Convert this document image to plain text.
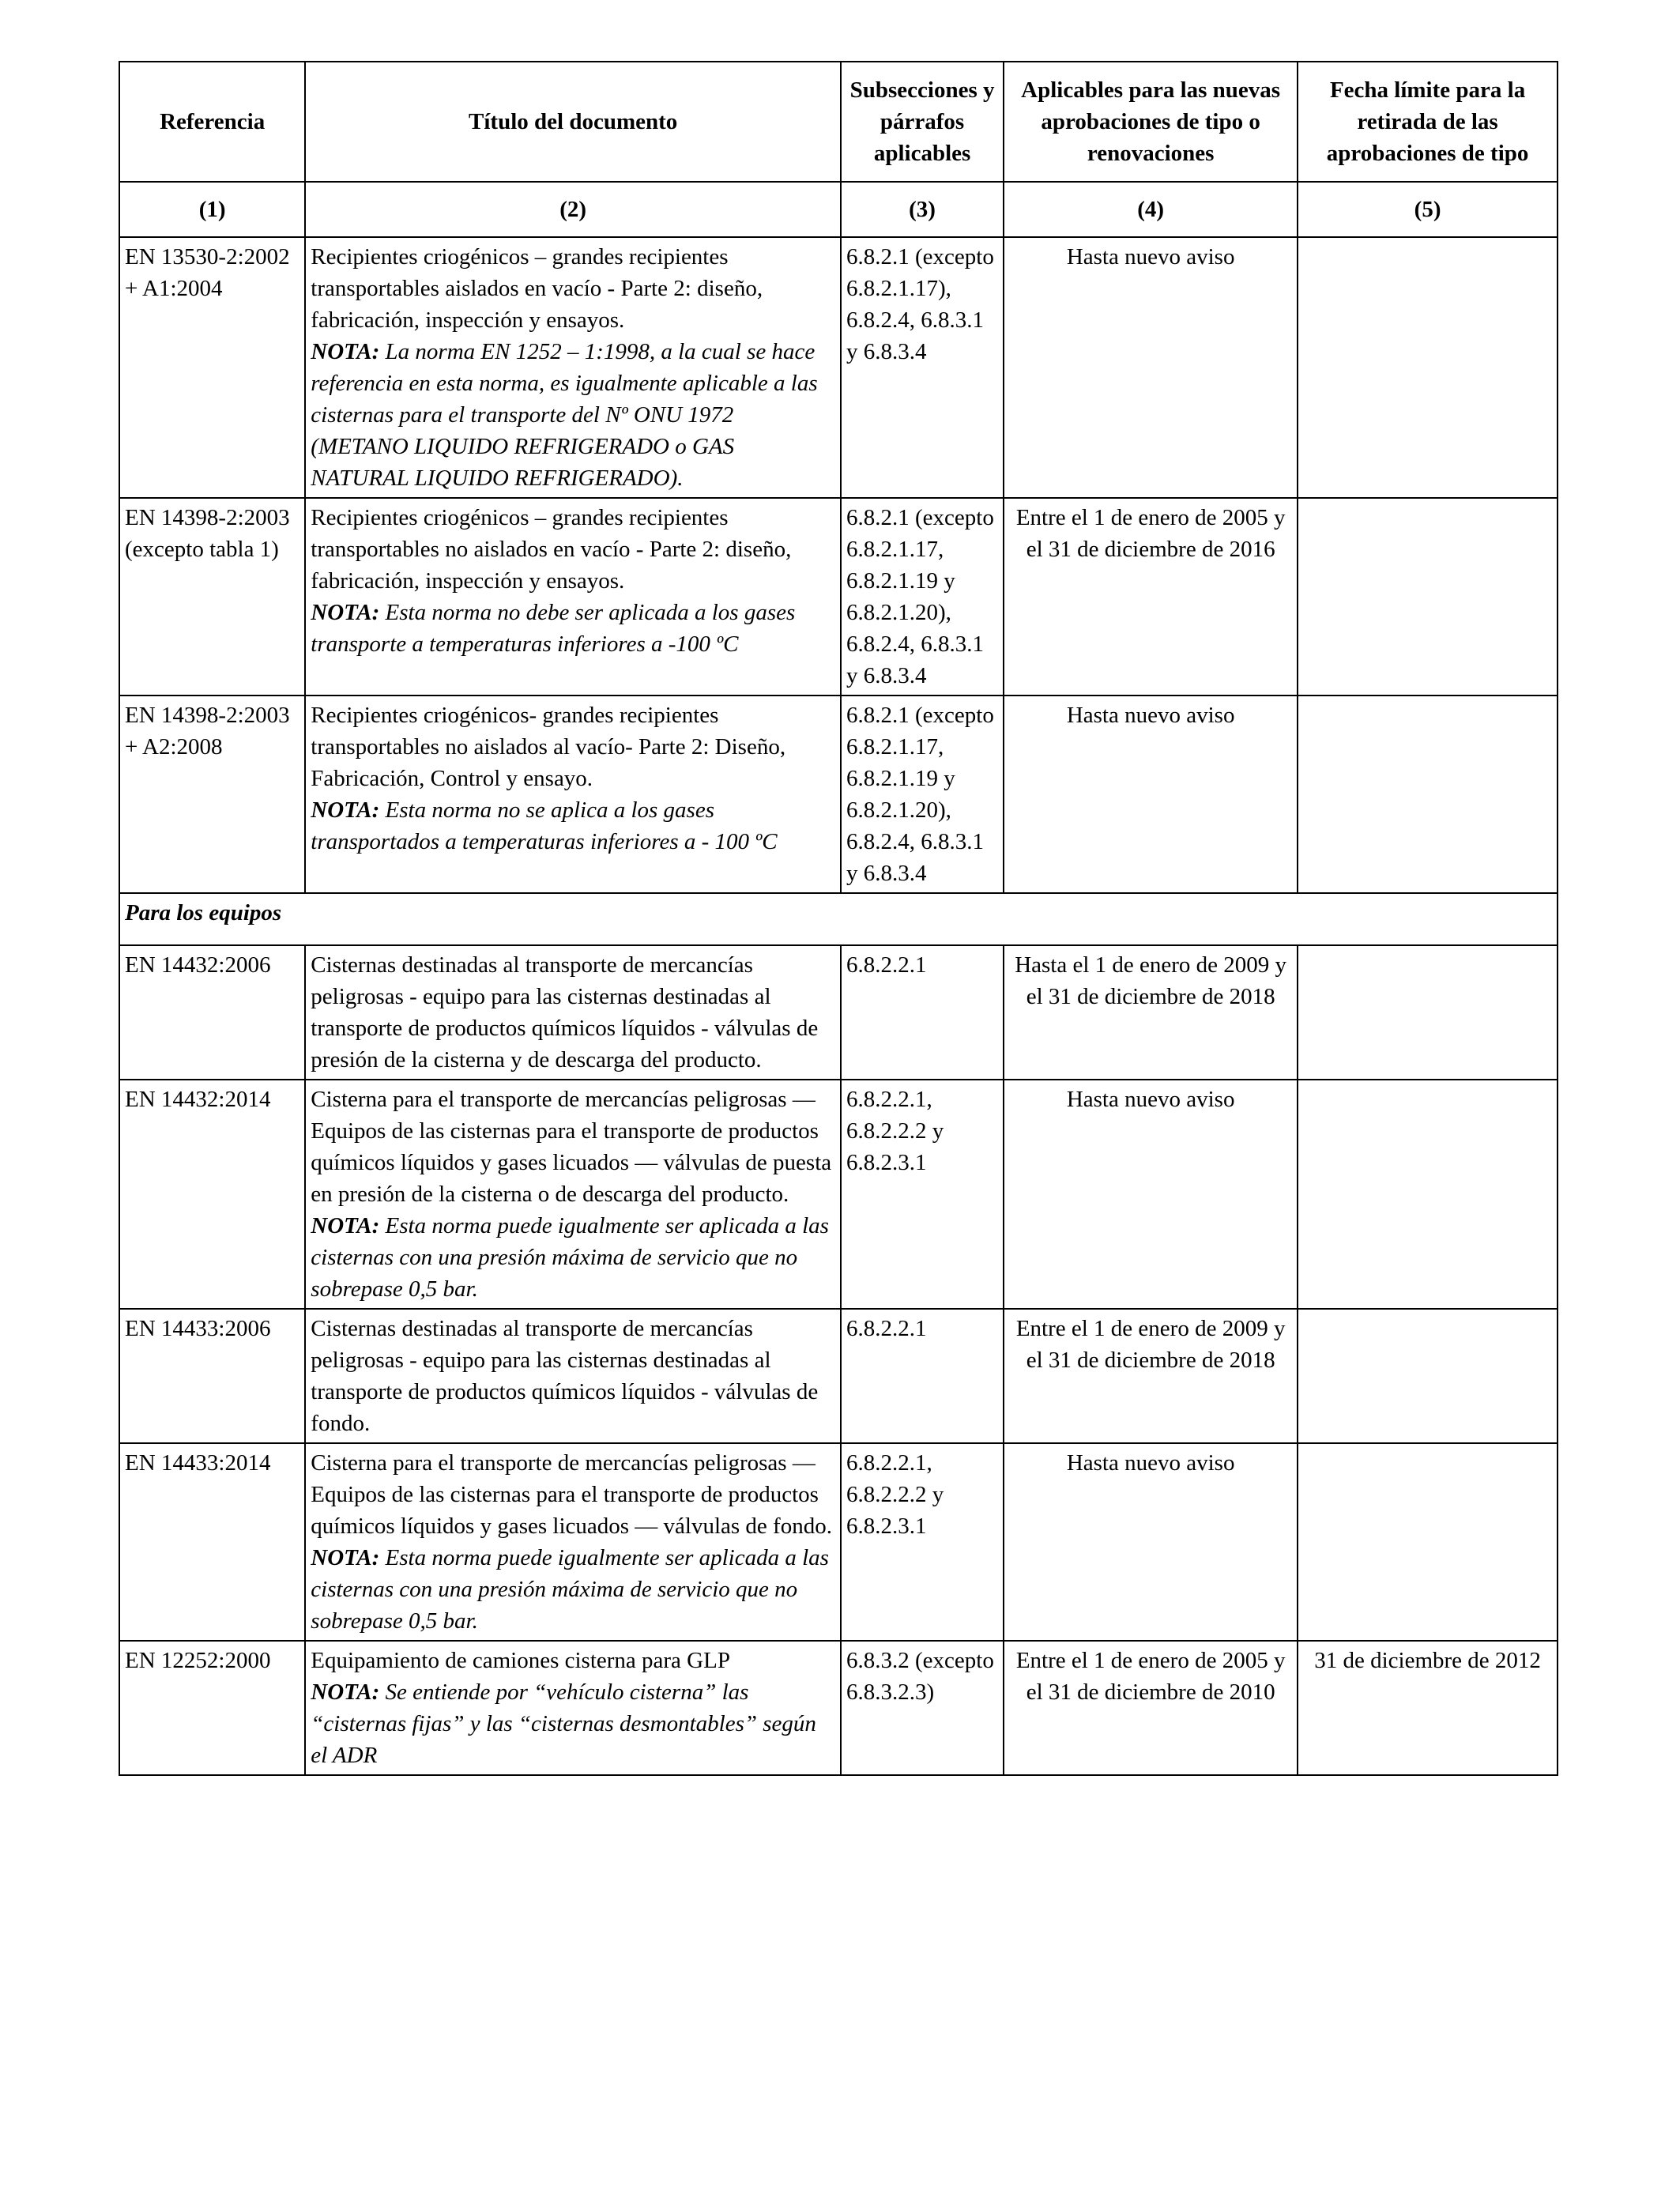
Referencia	Título del documento	Subsecciones y párrafos aplicables	Aplicables para las nuevas aprobaciones de tipo o renovaciones	Fecha límite para la retirada de las aprobaciones de tipo
(1)	(2)	(3)	(4)	(5)
EN 13530-2:2002 + A1:2004	Recipientes criogénicos – grandes recipientes transportables aislados en vacío - Parte 2: diseño, fabricación, inspección y ensayos.
NOTA: La norma EN 1252 – 1:1998, a la cual se hace referencia en esta norma, es igualmente aplicable a las cisternas para el transporte del Nº ONU 1972 (METANO LIQUIDO REFRIGERADO o GAS NATURAL LIQUIDO REFRIGERADO).	6.8.2.1 (excepto 6.8.2.1.17), 6.8.2.4, 6.8.3.1 y 6.8.3.4	Hasta nuevo aviso	
EN 14398-2:2003 (excepto tabla 1)	Recipientes criogénicos – grandes recipientes transportables no aislados en vacío - Parte 2: diseño, fabricación, inspección y ensayos.
NOTA: Esta norma no debe ser aplicada a los gases transporte a temperaturas inferiores a -100 ºC	6.8.2.1 (excepto 6.8.2.1.17, 6.8.2.1.19 y 6.8.2.1.20), 6.8.2.4, 6.8.3.1 y 6.8.3.4	Entre el 1 de enero de 2005 y el 31 de diciembre de 2016	
EN 14398-2:2003 + A2:2008	Recipientes criogénicos- grandes recipientes transportables no aislados al vacío- Parte 2: Diseño, Fabricación, Control y ensayo.
NOTA: Esta norma no se aplica a los gases transportados a temperaturas inferiores a - 100 ºC	6.8.2.1 (excepto 6.8.2.1.17, 6.8.2.1.19 y 6.8.2.1.20), 6.8.2.4, 6.8.3.1 y 6.8.3.4	Hasta nuevo aviso	
Para los equipos				
EN 14432:2006	Cisternas destinadas al transporte de mercancías peligrosas - equipo para las cisternas destinadas al transporte de productos químicos líquidos - válvulas de presión de la cisterna y de descarga del producto.	6.8.2.2.1	Hasta el 1 de enero de 2009 y el 31 de diciembre de 2018	
EN 14432:2014	Cisterna para el transporte de mercancías peligrosas — Equipos de las cisternas para el transporte de productos químicos líquidos y gases licuados — válvulas de puesta en presión de la cisterna o de descarga del producto.
NOTA: Esta norma puede igualmente ser aplicada a las cisternas con una presión máxima de servicio que no sobrepase 0,5 bar.	6.8.2.2.1, 6.8.2.2.2 y 6.8.2.3.1	Hasta nuevo aviso	
EN 14433:2006	Cisternas destinadas al transporte de mercancías peligrosas - equipo para las cisternas destinadas al transporte de productos químicos líquidos - válvulas de fondo.	6.8.2.2.1	Entre el 1 de enero de 2009 y el 31 de diciembre de 2018	
EN 14433:2014	Cisterna para el transporte de mercancías peligrosas — Equipos de las cisternas para el transporte de productos químicos líquidos y gases licuados — válvulas de fondo.
NOTA: Esta norma puede igualmente ser aplicada a las cisternas con una presión máxima de servicio que no sobrepase 0,5 bar.	6.8.2.2.1, 6.8.2.2.2 y 6.8.2.3.1	Hasta nuevo aviso	
EN 12252:2000	Equipamiento de camiones cisterna para GLP
NOTA: Se entiende por “vehículo cisterna” las “cisternas fijas” y las “cisternas desmontables” según el ADR	6.8.3.2 (excepto 6.8.3.2.3)	Entre el 1 de enero de 2005 y el 31 de diciembre de 2010	31 de diciembre de 2012
